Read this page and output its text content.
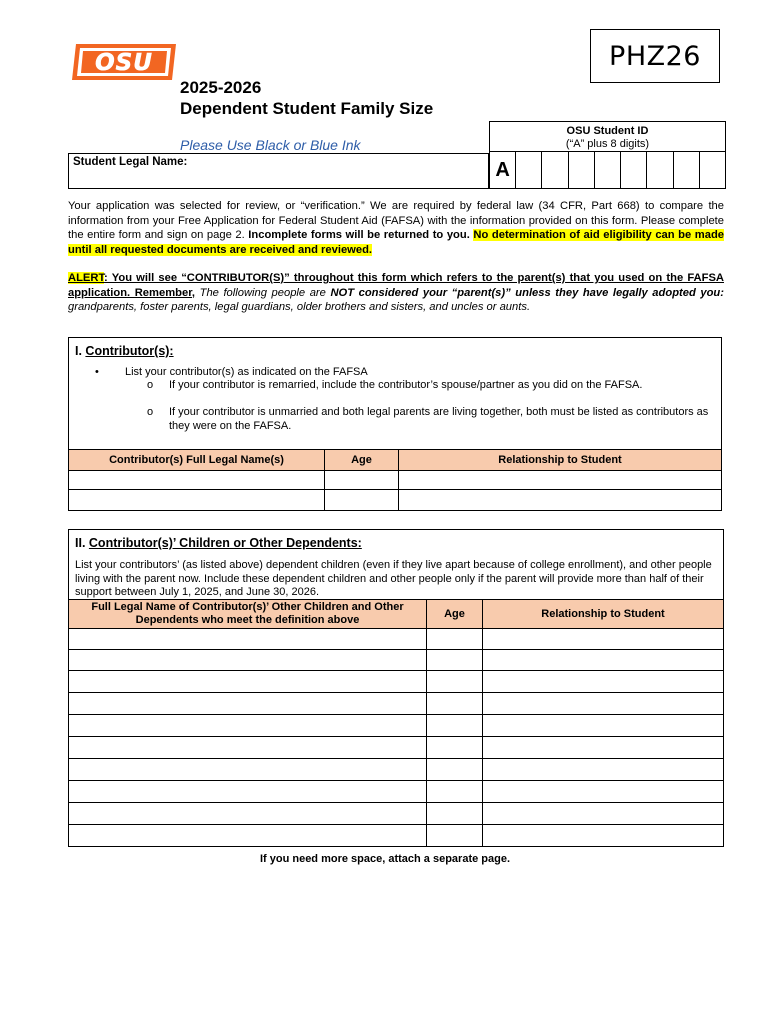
OSU	PHZ26
2025-2026
Dependent Student Family Size
Please Use Black or Blue Ink
OSU Student ID
(“A” plus 8 digits)
A
Student Legal Name:
Your application was selected for review, or “verification.” We are required by federal law (34 CFR, Part 668) to compare the information from your Free Application for Federal Student Aid (FAFSA) with the information provided on this form. Please complete the entire form and sign on page 2. Incomplete forms will be returned to you. No determination of aid eligibility can be made until all requested documents are received and reviewed.
ALERT: You will see “CONTRIBUTOR(S)” throughout this form which refers to the parent(s) that you used on the FAFSA application. Remember, The following people are NOT considered your “parent(s)” unless they have legally adopted you: grandparents, foster parents, legal guardians, older brothers and sisters, and uncles or aunts.
I. Contributor(s):
• List your contributor(s) as indicated on the FAFSA
o If your contributor is remarried, include the contributor’s spouse/partner as you did on the FAFSA.
o If your contributor is unmarried and both legal parents are living together, both must be listed as contributors as they were on the FAFSA.
Contributor(s) Full Legal Name(s)	Age	Relationship to Student

II. Contributor(s)’ Children or Other Dependents:
List your contributors’ (as listed above) dependent children (even if they live apart because of college enrollment), and other people living with the parent now. Include these dependent children and other people only if the parent will provide more than half of their support between July 1, 2025, and June 30, 2026.
Full Legal Name of Contributor(s)’ Other Children and Other Dependents who meet the definition above	Age	Relationship to Student

If you need more space, attach a separate page.
